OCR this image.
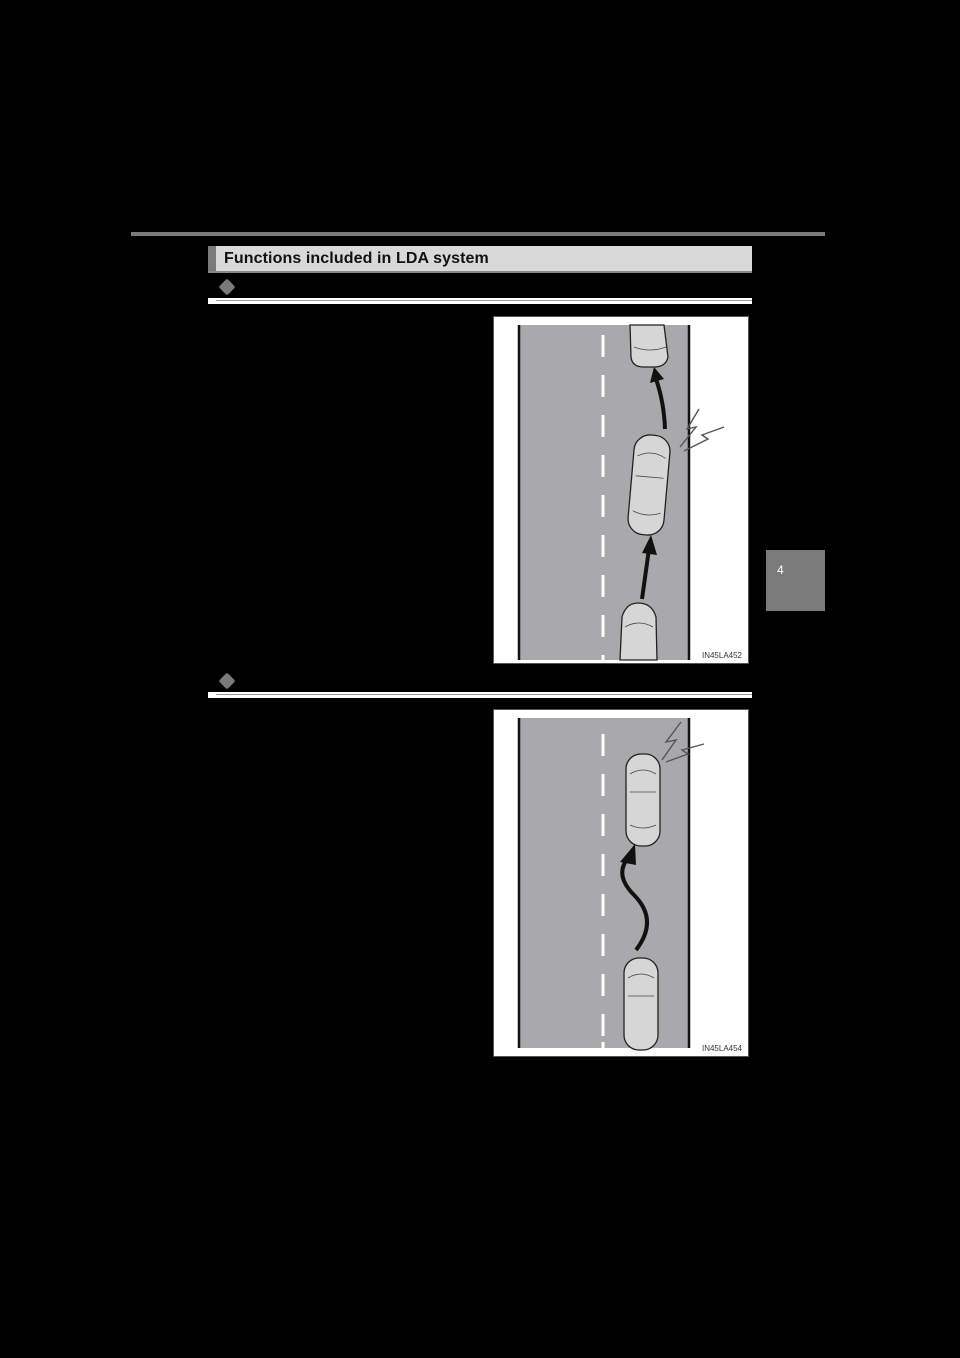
Functions included in LDA system
4
IN45LA452
IN45LA454
